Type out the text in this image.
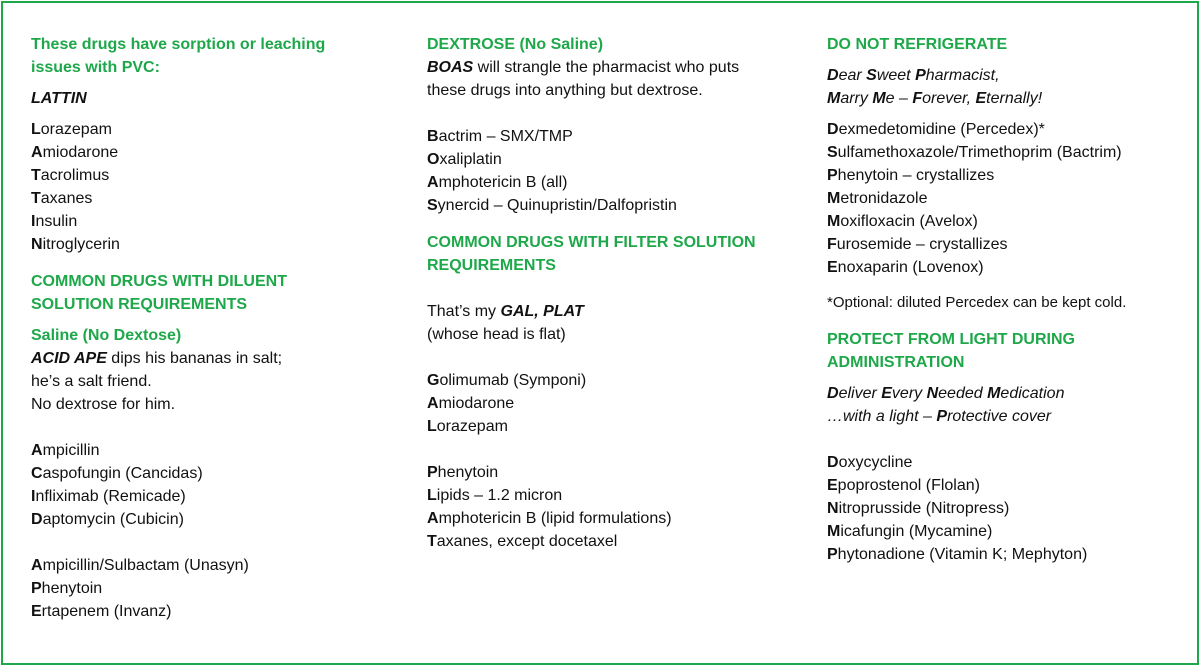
These drugs have sorption or leaching
issues with PVC:

LATTIN

Lorazepam

Amiodarone

Tacrolimus

Taxanes

Insulin

Nitroglycerin

COMMON DRUGS WITH DILUENT
SOLUTION REQUIREMENTS

Saline (No Dextose)

ACID APE dips his bananas in salt;

he’s a salt friend.

No dextrose for him.

Ampicillin

Caspofungin (Cancidas)

Infliximab (Remicade)

Daptomycin (Cubicin)

Ampicillin/Sulbactam (Unasyn)

Phenytoin

Ertapenem (Invanz)

DEXTROSE (No Saline)

BOAS will strangle the pharmacist who puts

these drugs into anything but dextrose.

Bactrim – SMX/TMP

Oxaliplatin

Amphotericin B (all)

Synercid – Quinupristin/Dalfopristin

COMMON DRUGS WITH FILTER SOLUTION
REQUIREMENTS

That’s my GAL, PLAT

(whose head is flat)

Golimumab (Symponi)

Amiodarone

Lorazepam

Phenytoin

Lipids – 1.2 micron

Amphotericin B (lipid formulations)

Taxanes, except docetaxel

DO NOT REFRIGERATE

Dear Sweet Pharmacist,

Marry Me – Forever, Eternally!

Dexmedetomidine (Percedex)*

Sulfamethoxazole/Trimethoprim (Bactrim)

Phenytoin – crystallizes

Metronidazole

Moxifloxacin (Avelox)

Furosemide – crystallizes

Enoxaparin (Lovenox)

*Optional: diluted Percedex can be kept cold.

PROTECT FROM LIGHT DURING
ADMINISTRATION

Deliver Every Needed Medication

…with a light – Protective cover

Doxycycline

Epoprostenol (Flolan)

Nitroprusside (Nitropress)

Micafungin (Mycamine)

Phytonadione (Vitamin K; Mephyton)
